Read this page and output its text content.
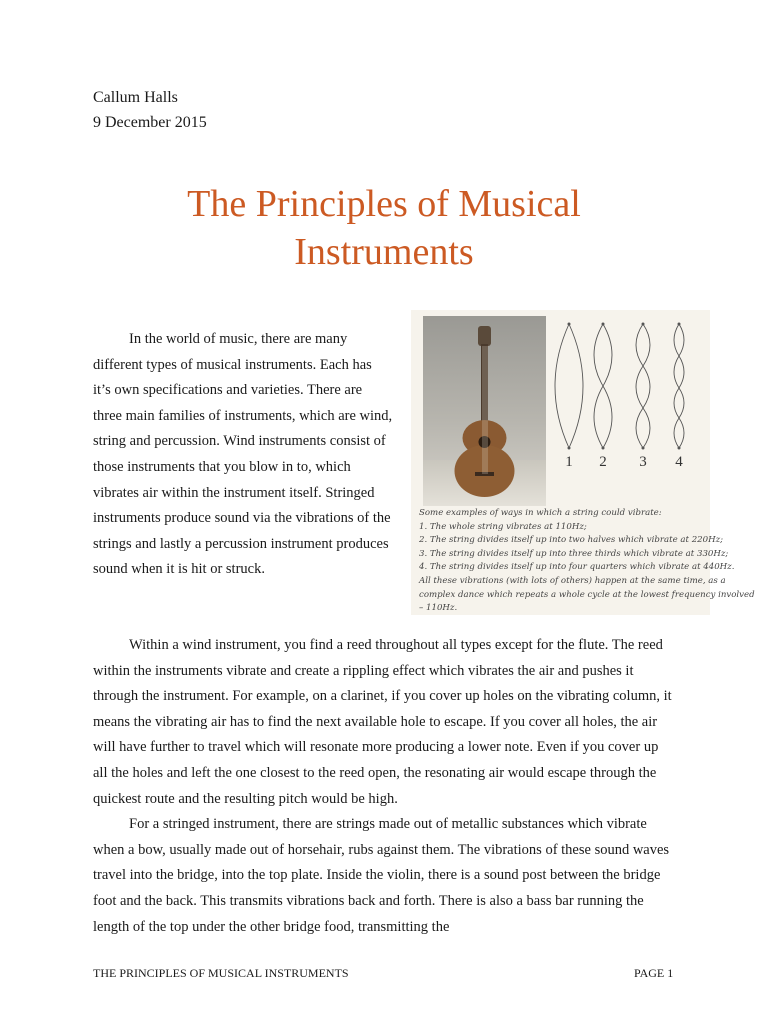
Callum Halls
9 December 2015
The Principles of Musical
Instruments

In the world of music, there are many different types of musical instruments. Each has it’s own specifications and varieties. There are three main families of instruments, which are wind, string and percussion. Wind instruments consist of those instruments that you blow in to, which vibrates air within the instrument itself. Stringed instruments produce sound via the vibrations of the strings and lastly a percussion instrument produces sound when it is hit or struck.

1 2 3 4
Some examples of ways in which a string could vibrate:
1. The whole string vibrates at 110Hz;
2. The string divides itself up into two halves which vibrate at 220Hz;
3. The string divides itself up into three thirds which vibrate at 330Hz;
4. The string divides itself up into four quarters which vibrate at 440Hz.
All these vibrations (with lots of others) happen at the same time, as a
complex dance which repeats a whole cycle at the lowest frequency involved
– 110Hz.

Within a wind instrument, you find a reed throughout all types except for the flute. The reed within the instruments vibrate and create a rippling effect which vibrates the air and pushes it through the instrument. For example, on a clarinet, if you cover up holes on the vibrating column, it means the vibrating air has to find the next available hole to escape. If you cover all holes, the air will have further to travel which will resonate more producing a lower note. Even if you cover up all the holes and left the one closest to the reed open, the resonating air would escape through the quickest route and the resulting pitch would be high.

For a stringed instrument, there are strings made out of metallic substances which vibrate when a bow, usually made out of horsehair, rubs against them. The vibrations of these sound waves travel into the bridge, into the top plate. Inside the violin, there is a sound post between the bridge foot and the back. This transmits vibrations back and forth. There is also a bass bar running the length of the top under the other bridge food, transmitting the

THE PRINCIPLES OF MUSICAL INSTRUMENTS	PAGE 1
